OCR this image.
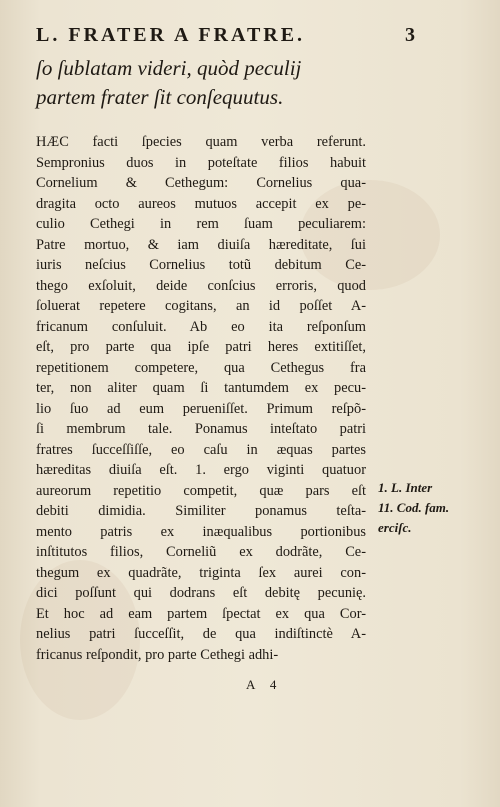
L. FRATER A FRATRE.	3
ſo ſublatam videri, quòd peculij
partem frater ſit conſequutus.
HÆC facti ſpecies quam verba referunt.
Sempronius duos in poteſtate filios habuit
Cornelium & Cethegum: Cornelius qua-
dragita octo aureos mutuos accepit ex pe-
culio Cethegi in rem ſuam peculiarem:
Patre mortuo, & iam diuiſa hæreditate, ſui
iuris neſcius Cornelius totũ debitum Ce-
thego exſoluit, deide conſcius erroris, quod
ſoluerat repetere cogitans, an id poſſet A-
fricanum conſuluit. Ab eo ita reſponſum
eſt, pro parte qua ipſe patri heres extitiſſet,
repetitionem competere, qua Cethegus fra
ter, non aliter quam ſi tantumdem ex pecu-
lio ſuo ad eum perueniſſet. Primum reſpõ-
ſi membrum tale. Ponamus inteſtato patri
fratres ſucceſſiſſe, eo caſu in æquas partes
hæreditas diuiſa eſt. 1. ergo viginti quatuor
aureorum repetitio competit, quæ pars eſt
debiti dimidia. Similiter ponamus teſta-
mento patris ex inæqualibus portionibus
inſtitutos filios, Corneliũ ex dodrãte, Ce-
thegum ex quadrãte, triginta ſex aurei con-
dici poſſunt qui dodrans eſt debitę pecunię.
Et hoc ad eam partem ſpectat ex qua Cor-
nelius patri ſucceſſit, de qua indiſtinctè A-
fricanus reſpondit, pro parte Cethegi adhi-
1. L. Inter
11. Cod. fam.
erciſc.
A 4
